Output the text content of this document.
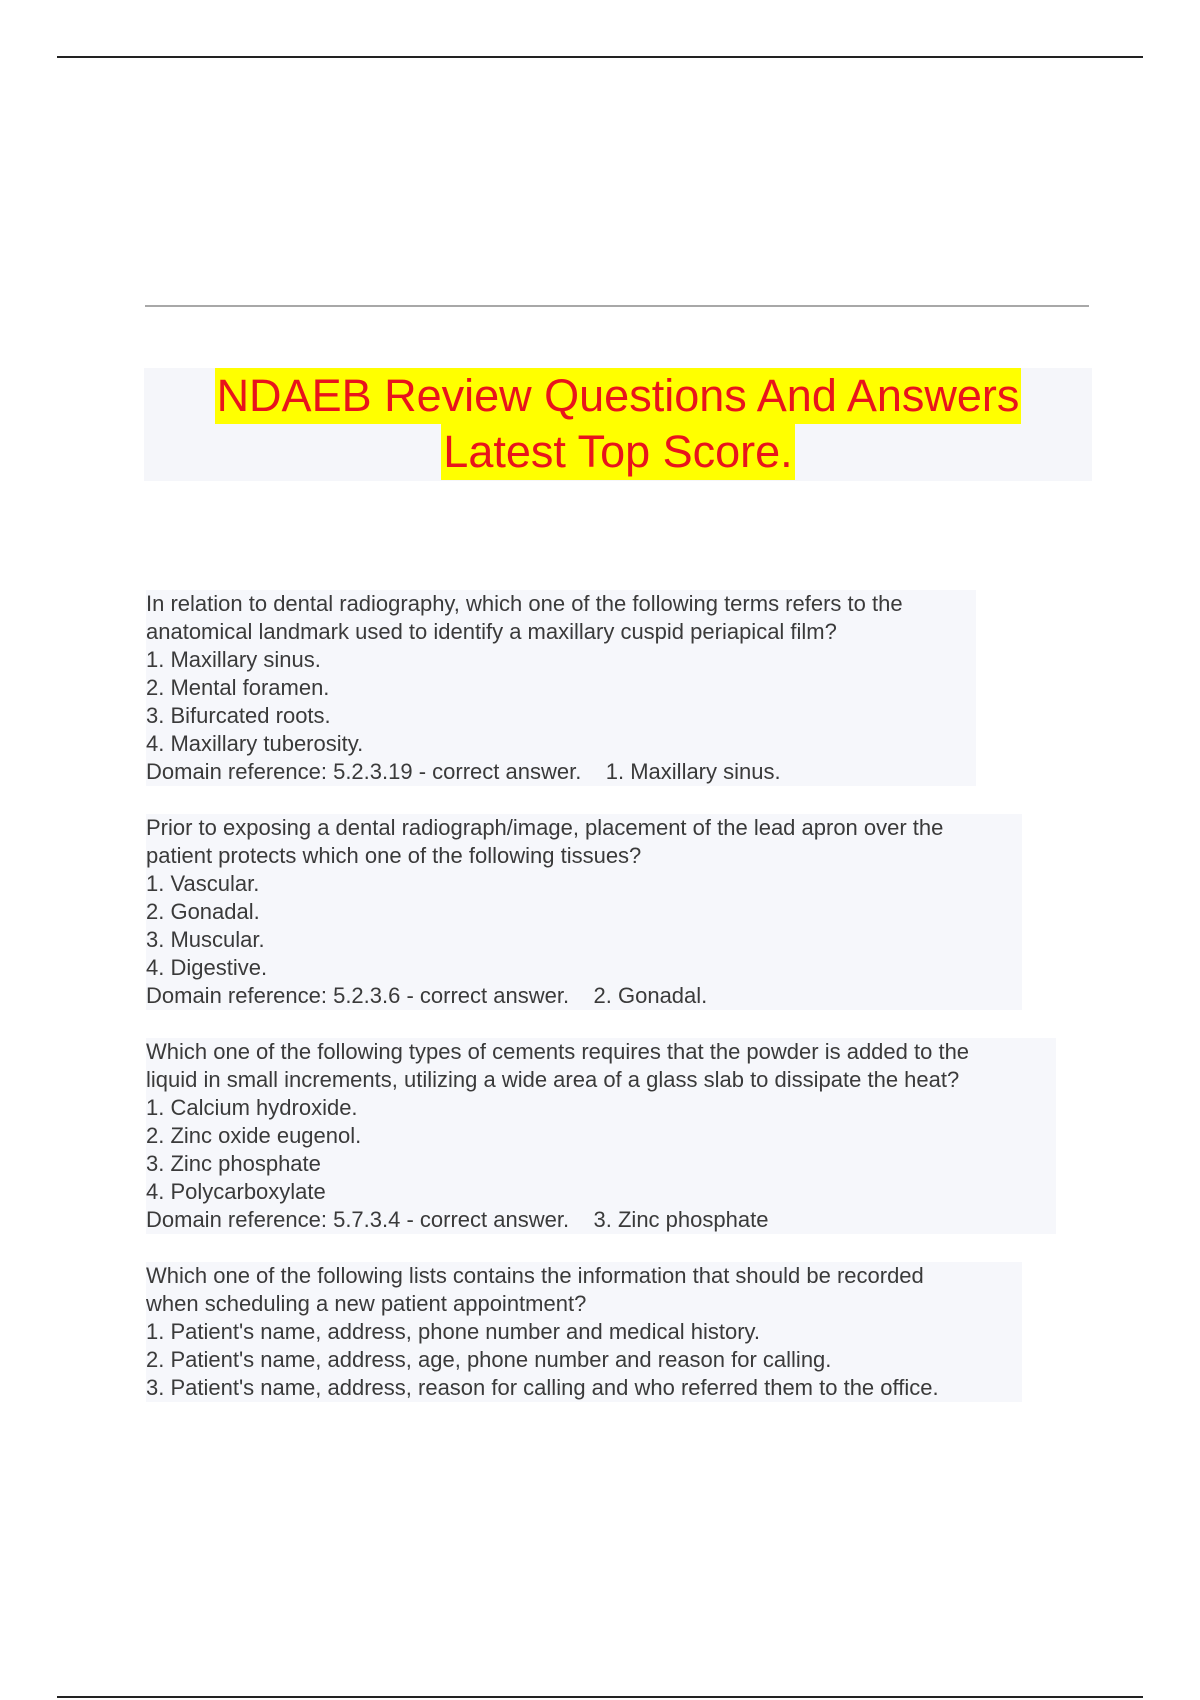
NDAEB Review Questions And Answers
Latest Top Score.
In relation to dental radiography, which one of the following terms refers to the
anatomical landmark used to identify a maxillary cuspid periapical film?
1. Maxillary sinus.
2. Mental foramen.
3. Bifurcated roots.
4. Maxillary tuberosity.
Domain reference: 5.2.3.19 - correct answer.    1. Maxillary sinus.
Prior to exposing a dental radiograph/image, placement of the lead apron over the
patient protects which one of the following tissues?
1. Vascular.
2. Gonadal.
3. Muscular.
4. Digestive.
Domain reference: 5.2.3.6 - correct answer.    2. Gonadal.
Which one of the following types of cements requires that the powder is added to the
liquid in small increments, utilizing a wide area of a glass slab to dissipate the heat?
1. Calcium hydroxide.
2. Zinc oxide eugenol.
3. Zinc phosphate
4. Polycarboxylate
Domain reference: 5.7.3.4 - correct answer.    3. Zinc phosphate
Which one of the following lists contains the information that should be recorded
when scheduling a new patient appointment?
1. Patient's name, address, phone number and medical history.
2. Patient's name, address, age, phone number and reason for calling.
3. Patient's name, address, reason for calling and who referred them to the office.
